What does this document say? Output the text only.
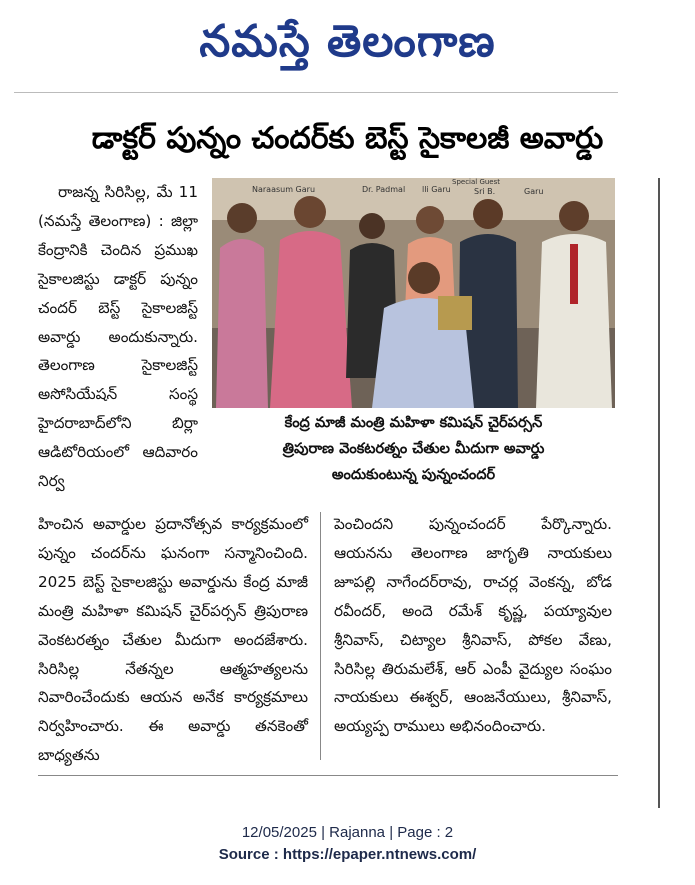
నమస్తే తెలంగాణ
డాక్టర్ పున్నం చందర్‌కు బెస్ట్ సైకాలజీ అవార్డు

రాజన్న సిరిసిల్ల, మే 11 (నమస్తే తెలంగాణ) : జిల్లా కేంద్రానికి చెందిన ప్రముఖ సైకాలజిస్టు డాక్టర్ పున్నం చందర్ బెస్ట్ సైకాలజిస్ట్ అవార్డు అందుకున్నారు. తెలంగాణ సైకాలజిస్ట్ అసోసియేషన్ సంస్థ హైదరాబాద్‌లోని బిర్లా ఆడిటోరియంలో ఆదివారం నిర్వ

Naraasum Garu	Dr. Padmal lli Garu
Special Guest
Sri B.	Garu
కేంద్ర మాజీ మంత్రి మహిళా కమిషన్ చైర్‌పర్సన్
త్రిపురాణ వెంకటరత్నం చేతుల మీదుగా అవార్డు
అందుకుంటున్న పున్నంచందర్

హించిన అవార్డుల ప్రదానోత్సవ కార్యక్రమంలో పున్నం చందర్‌ను ఘనంగా సన్మానించింది. 2025 బెస్ట్ సైకాలజిస్టు అవార్డును కేంద్ర మాజీ మంత్రి మహిళా కమిషన్ చైర్‌పర్సన్ త్రిపురాణ వెంకటరత్నం చేతుల మీదుగా అందజేశారు. సిరిసిల్ల నేతన్నల ఆత్మహత్యలను నివారించేందుకు ఆయన అనేక కార్యక్రమాలు నిర్వహించారు. ఈ అవార్డు తనకెంతో బాధ్యతను

పెంచిందని పున్నంచందర్ పేర్కొన్నారు. ఆయనను తెలంగాణ జాగృతి నాయకులు జూపల్లి నాగేందర్‌రావు, రాచర్ల వెంకన్న, బోడ రవీందర్, అందె రమేశ్ కృష్ణ, పయ్యావుల శ్రీనివాస్, చిట్యాల శ్రీనివాస్, పోకల వేణు, సిరిసిల్ల తిరుమలేశ్, ఆర్ ఎంపీ వైద్యుల సంఘం నాయకులు ఈశ్వర్, ఆంజనేయులు, శ్రీనివాస్, అయ్యప్ప రాములు అభినందించారు.

12/05/2025 | Rajanna | Page : 2
Source : https://epaper.ntnews.com/
